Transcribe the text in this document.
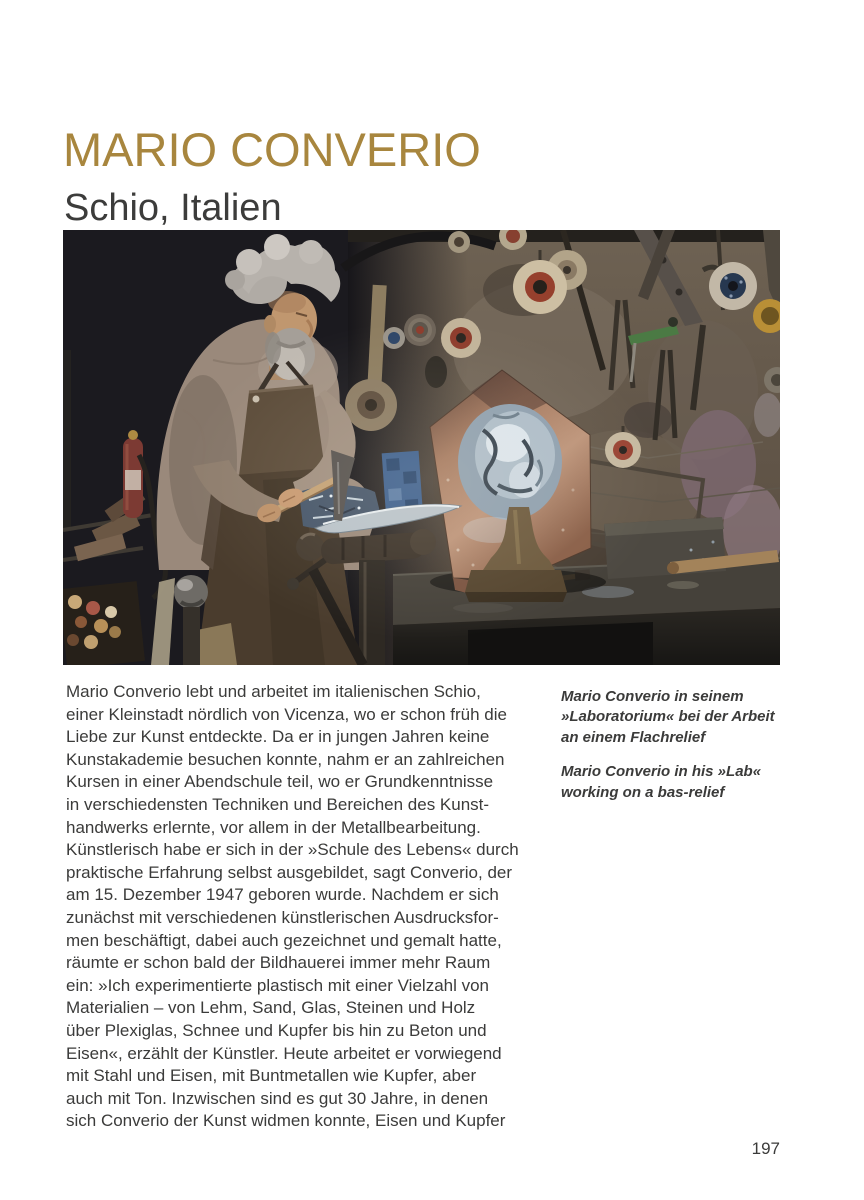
MARIO CONVERIO
Schio, Italien
Mario Converio lebt und arbeitet im italienischen Schio,
einer Kleinstadt nördlich von Vicenza, wo er schon früh die
Liebe zur Kunst entdeckte. Da er in jungen Jahren keine
Kunstakademie besuchen konnte, nahm er an zahlreichen
Kursen in einer Abendschule teil, wo er Grundkenntnisse
in verschiedensten Techniken und Bereichen des Kunst-
handwerks erlernte, vor allem in der Metallbearbeitung.
Künstlerisch habe er sich in der »Schule des Lebens« durch
praktische Erfahrung selbst ausgebildet, sagt Converio, der
am 15. Dezember 1947 geboren wurde. Nachdem er sich
zunächst mit verschiedenen künstlerischen Ausdrucksfor-
men beschäftigt, dabei auch gezeichnet und gemalt hatte,
räumte er schon bald der Bildhauerei immer mehr Raum
ein: »Ich experimentierte plastisch mit einer Vielzahl von
Materialien – von Lehm, Sand, Glas, Steinen und Holz
über Plexiglas, Schnee und Kupfer bis hin zu Beton und
Eisen«, erzählt der Künstler. Heute arbeitet er vorwiegend
mit Stahl und Eisen, mit Buntmetallen wie Kupfer, aber
auch mit Ton. Inzwischen sind es gut 30 Jahre, in denen
sich Converio der Kunst widmen konnte, Eisen und Kupfer
Mario Converio in seinem
»Laboratorium« bei der Arbeit
an einem Flachrelief
Mario Converio in his »Lab«
working on a bas-relief
197
